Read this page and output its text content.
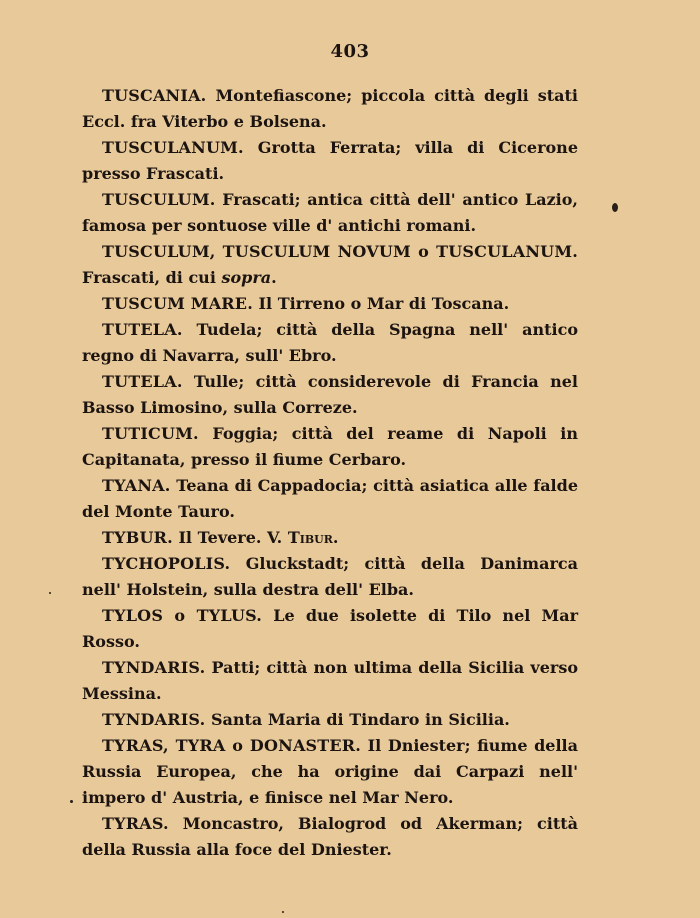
403

TUSCANIA. Montefiascone; piccola città degli stati Eccl. fra Viterbo e Bolsena.

TUSCULANUM. Grotta Ferrata; villa di Cicerone presso Frascati.

TUSCULUM. Frascati; antica città dell' antico Lazio, famosa per sontuose ville d' antichi romani.

TUSCULUM, TUSCULUM NOVUM o TUSCULANUM. Frascati, di cui sopra.

TUSCUM MARE. Il Tirreno o Mar di Toscana.

TUTELA. Tudela; città della Spagna nell' antico regno di Navarra, sull' Ebro.

TUTELA. Tulle; città considerevole di Francia nel Basso Limosino, sulla Correze.

TUTICUM. Foggia; città del reame di Napoli in Capitanata, presso il fiume Cerbaro.

TYANA. Teana di Cappadocia; città asiatica alle falde del Monte Tauro.

TYBUR. Il Tevere. V. Tibur.

TYCHOPOLIS. Gluckstadt; città della Danimarca nell' Holstein, sulla destra dell' Elba.

TYLOS o TYLUS. Le due isolette di Tilo nel Mar Rosso.

TYNDARIS. Patti; città non ultima della Sicilia verso Messina.

TYNDARIS. Santa Maria di Tindaro in Sicilia.

TYRAS, TYRA o DONASTER. Il Dniester; fiume della Russia Europea, che ha origine dai Carpazi nell' impero d' Austria, e finisce nel Mar Nero.

TYRAS. Moncastro, Bialogrod od Akerman; città della Russia alla foce del Dniester.
